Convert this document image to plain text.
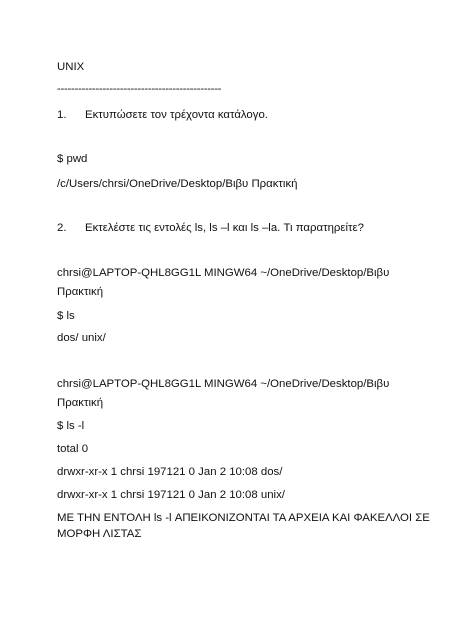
UNIX
-----------------------------------------------
1. Εκτυπώσετε τον τρέχοντα κατάλογο.
$ pwd
/c/Users/chrsi/OneDrive/Desktop/Βιβυ Πρακτική
2. Εκτελέστε τις εντολές ls, ls –l και ls –la. Τι παρατηρείτε?
chrsi@LAPTOP-QHL8GG1L MINGW64 ~/OneDrive/Desktop/Βιβυ
Πρακτική
$ ls
dos/ unix/
chrsi@LAPTOP-QHL8GG1L MINGW64 ~/OneDrive/Desktop/Βιβυ
Πρακτική
$ ls -l
total 0
drwxr-xr-x 1 chrsi 197121 0 Jan 2 10:08 dos/
drwxr-xr-x 1 chrsi 197121 0 Jan 2 10:08 unix/
ΜΕ ΤΗΝ ΕΝΤΟΛΗ ls -l ΑΠΕΙΚΟΝΙΖΟΝΤΑΙ ΤΑ ΑΡΧΕΙΑ ΚΑΙ ΦΑΚΕΛΛΟΙ ΣΕ
ΜΟΡΦΗ ΛΙΣΤΑΣ
